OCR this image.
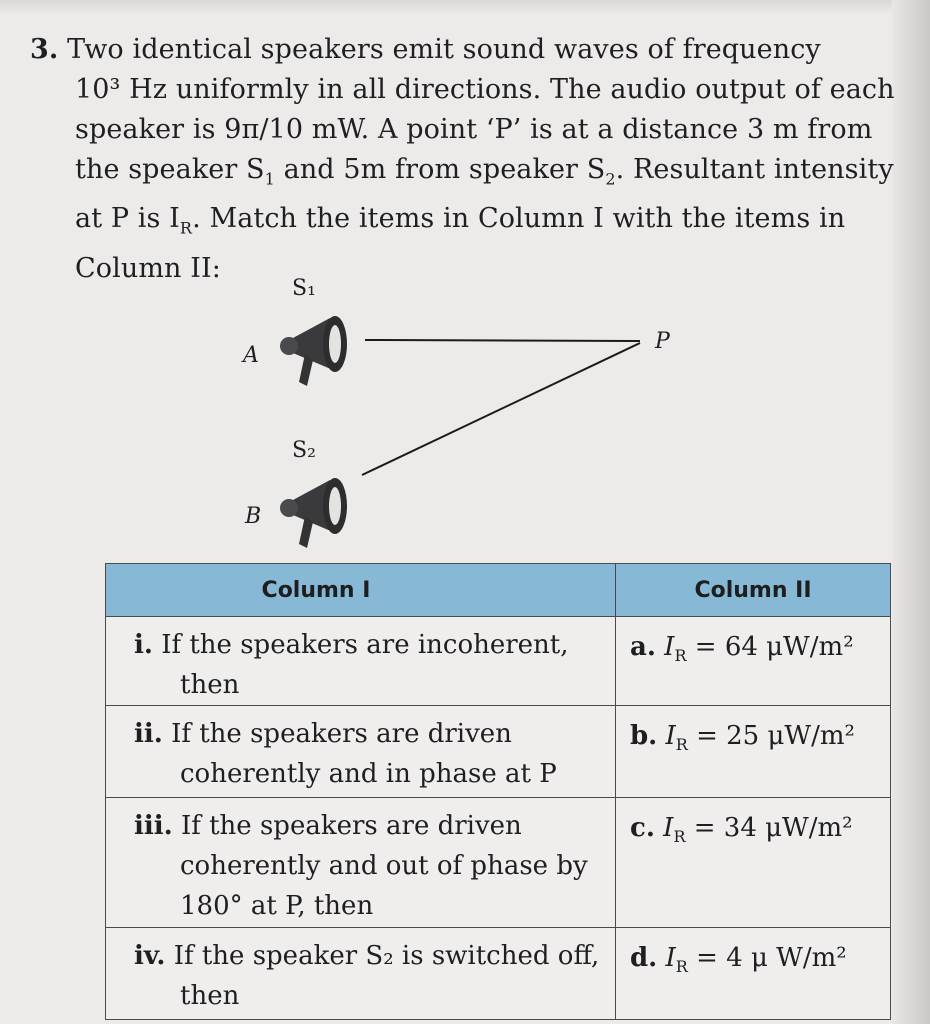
3. Two identical speakers emit sound waves of frequency
10³ Hz uniformly in all directions. The audio output of each
speaker is 9π/10 mW. A point ‘P’ is at a distance 3 m from
the speaker $S_1$ and 5m from speaker $S_2$. Resultant intensity
at P is $I_R$. Match the items in Column I with the items in
Column II:
S₁
S₂
A
B
P
Column I	Column II

i. If the speakers are incoherent, then	a. $I_R = 64$ μW/m²

ii. If the speakers are driven coherently and in phase at P	b. $I_R = 25$ μW/m²

iii. If the speakers are driven coherently and out of phase by 180° at P, then	c. $I_R = 34$ μW/m²

iv. If the speaker S₂ is switched off, then	d. $I_R = 4$ μ W/m²
